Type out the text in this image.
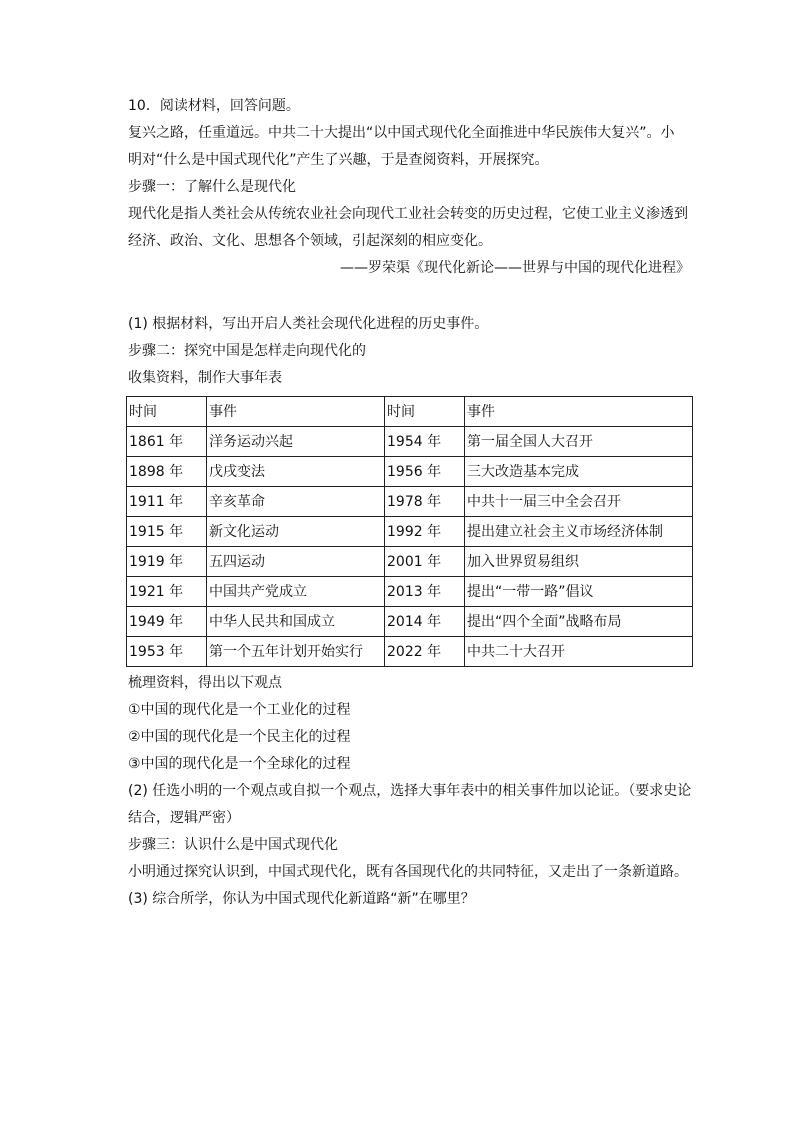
10．阅读材料，回答问题。
复兴之路，任重道远。中共二十大提出“以中国式现代化全面推进中华民族伟大复兴”。小
明对“什么是中国式现代化”产生了兴趣，于是查阅资料，开展探究。
步骤一：了解什么是现代化
现代化是指人类社会从传统农业社会向现代工业社会转变的历史过程，它使工业主义渗透到
经济、政治、文化、思想各个领域，引起深刻的相应变化。
——罗荣渠《现代化新论——世界与中国的现代化进程》
(1) 根据材料，写出开启人类社会现代化进程的历史事件。
步骤二：探究中国是怎样走向现代化的
收集资料，制作大事年表
时间	事件	时间	事件
1861 年	洋务运动兴起	1954 年	第一届全国人大召开
1898 年	戊戌变法	1956 年	三大改造基本完成
1911 年	辛亥革命	1978 年	中共十一届三中全会召开
1915 年	新文化运动	1992 年	提出建立社会主义市场经济体制
1919 年	五四运动	2001 年	加入世界贸易组织
1921 年	中国共产党成立	2013 年	提出“一带一路”倡议
1949 年	中华人民共和国成立	2014 年	提出“四个全面”战略布局
1953 年	第一个五年计划开始实行	2022 年	中共二十大召开
梳理资料，得出以下观点
①中国的现代化是一个工业化的过程
②中国的现代化是一个民主化的过程
③中国的现代化是一个全球化的过程
(2) 任选小明的一个观点或自拟一个观点，选择大事年表中的相关事件加以论证。（要求史论
结合，逻辑严密）
步骤三：认识什么是中国式现代化
小明通过探究认识到，中国式现代化，既有各国现代化的共同特征，又走出了一条新道路。
(3) 综合所学，你认为中国式现代化新道路“新”在哪里？
